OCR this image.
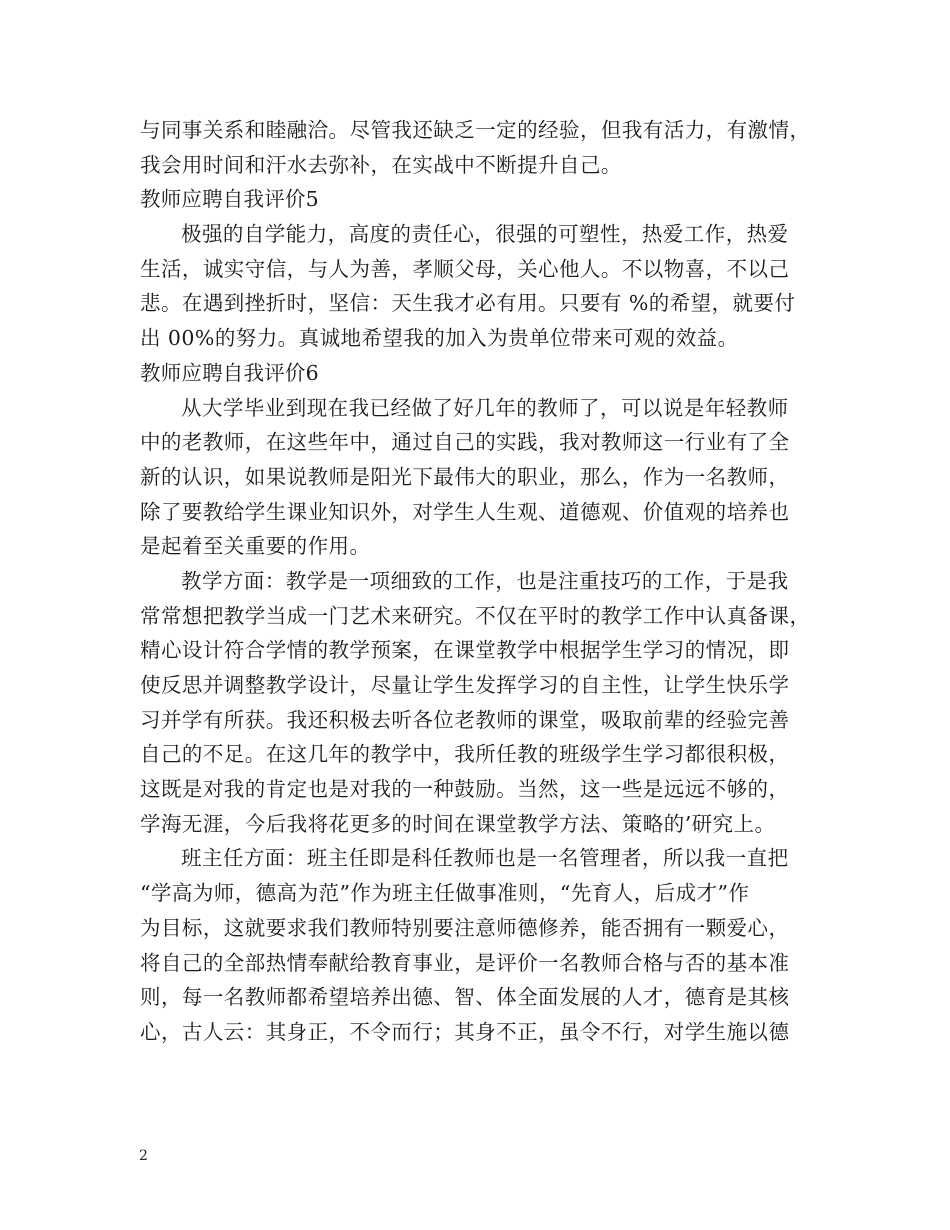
与同事关系和睦融洽。尽管我还缺乏一定的经验，但我有活力，有激情，
我会用时间和汗水去弥补，在实战中不断提升自己。
教师应聘自我评价5
极强的自学能力，高度的责任心，很强的可塑性，热爱工作，热爱
生活，诚实守信，与人为善，孝顺父母，关心他人。不以物喜，不以己
悲。在遇到挫折时，坚信：天生我才必有用。只要有 %的希望，就要付
出 00%的努力。真诚地希望我的加入为贵单位带来可观的效益。
教师应聘自我评价6
从大学毕业到现在我已经做了好几年的教师了，可以说是年轻教师
中的老教师，在这些年中，通过自己的实践，我对教师这一行业有了全
新的认识，如果说教师是阳光下最伟大的职业，那么，作为一名教师，
除了要教给学生课业知识外，对学生人生观、道德观、价值观的培养也
是起着至关重要的作用。
教学方面：教学是一项细致的工作，也是注重技巧的工作，于是我
常常想把教学当成一门艺术来研究。不仅在平时的教学工作中认真备课，
精心设计符合学情的教学预案，在课堂教学中根据学生学习的情况，即
使反思并调整教学设计，尽量让学生发挥学习的自主性，让学生快乐学
习并学有所获。我还积极去听各位老教师的课堂，吸取前辈的经验完善
自己的不足。在这几年的教学中，我所任教的班级学生学习都很积极，
这既是对我的肯定也是对我的一种鼓励。当然，这一些是远远不够的，
学海无涯，今后我将花更多的时间在课堂教学方法、策略的’研究上。
班主任方面：班主任即是科任教师也是一名管理者，所以我一直把
“学高为师，德高为范”作为班主任做事准则，“先育人，后成才”作
为目标，这就要求我们教师特别要注意师德修养，能否拥有一颗爱心，
将自己的全部热情奉献给教育事业，是评价一名教师合格与否的基本准
则，每一名教师都希望培养出德、智、体全面发展的人才，德育是其核
心，古人云：其身正，不令而行；其身不正，虽令不行，对学生施以德
2
